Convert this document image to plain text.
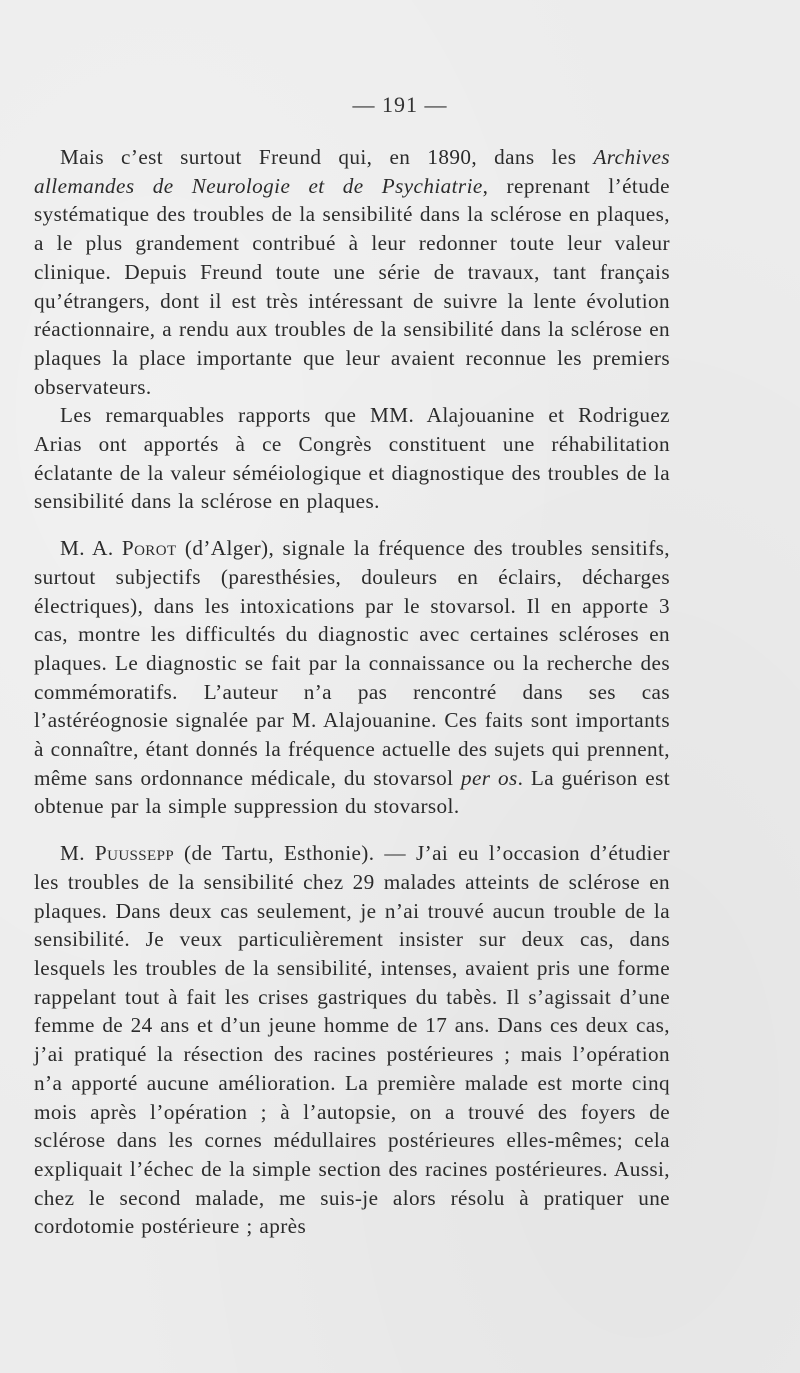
— 191 —

Mais c’est surtout Freund qui, en 1890, dans les Archives allemandes de Neurologie et de Psychiatrie, reprenant l’étude systématique des troubles de la sensibilité dans la sclérose en plaques, a le plus grandement contribué à leur redonner toute leur valeur clinique. Depuis Freund toute une série de travaux, tant français qu’étrangers, dont il est très intéressant de suivre la lente évolution réactionnaire, a rendu aux troubles de la sensibilité dans la sclérose en plaques la place importante que leur avaient reconnue les premiers observateurs.

Les remarquables rapports que MM. Alajouanine et Rodriguez Arias ont apportés à ce Congrès constituent une réhabilitation éclatante de la valeur séméiologique et diagnostique des troubles de la sensibilité dans la sclérose en plaques.

M. A. Porot (d’Alger), signale la fréquence des troubles sensitifs, surtout subjectifs (paresthésies, douleurs en éclairs, décharges électriques), dans les intoxications par le stovarsol. Il en apporte 3 cas, montre les difficultés du diagnostic avec certaines scléroses en plaques. Le diagnostic se fait par la connaissance ou la recherche des commémoratifs. L’auteur n’a pas rencontré dans ses cas l’astéréognosie signalée par M. Alajouanine. Ces faits sont importants à connaître, étant donnés la fréquence actuelle des sujets qui prennent, même sans ordonnance médicale, du stovarsol per os. La guérison est obtenue par la simple suppression du stovarsol.

M. Puussepp (de Tartu, Esthonie). — J’ai eu l’occasion d’étudier les troubles de la sensibilité chez 29 malades atteints de sclérose en plaques. Dans deux cas seulement, je n’ai trouvé aucun trouble de la sensibilité. Je veux particulièrement insister sur deux cas, dans lesquels les troubles de la sensibilité, intenses, avaient pris une forme rappelant tout à fait les crises gastriques du tabès. Il s’agissait d’une femme de 24 ans et d’un jeune homme de 17 ans. Dans ces deux cas, j’ai pratiqué la résection des racines postérieures ; mais l’opération n’a apporté aucune amélioration. La première malade est morte cinq mois après l’opération ; à l’autopsie, on a trouvé des foyers de sclérose dans les cornes médullaires postérieures elles-mêmes; cela expliquait l’échec de la simple section des racines postérieures. Aussi, chez le second malade, me suis-je alors résolu à pratiquer une cordotomie postérieure ; après
